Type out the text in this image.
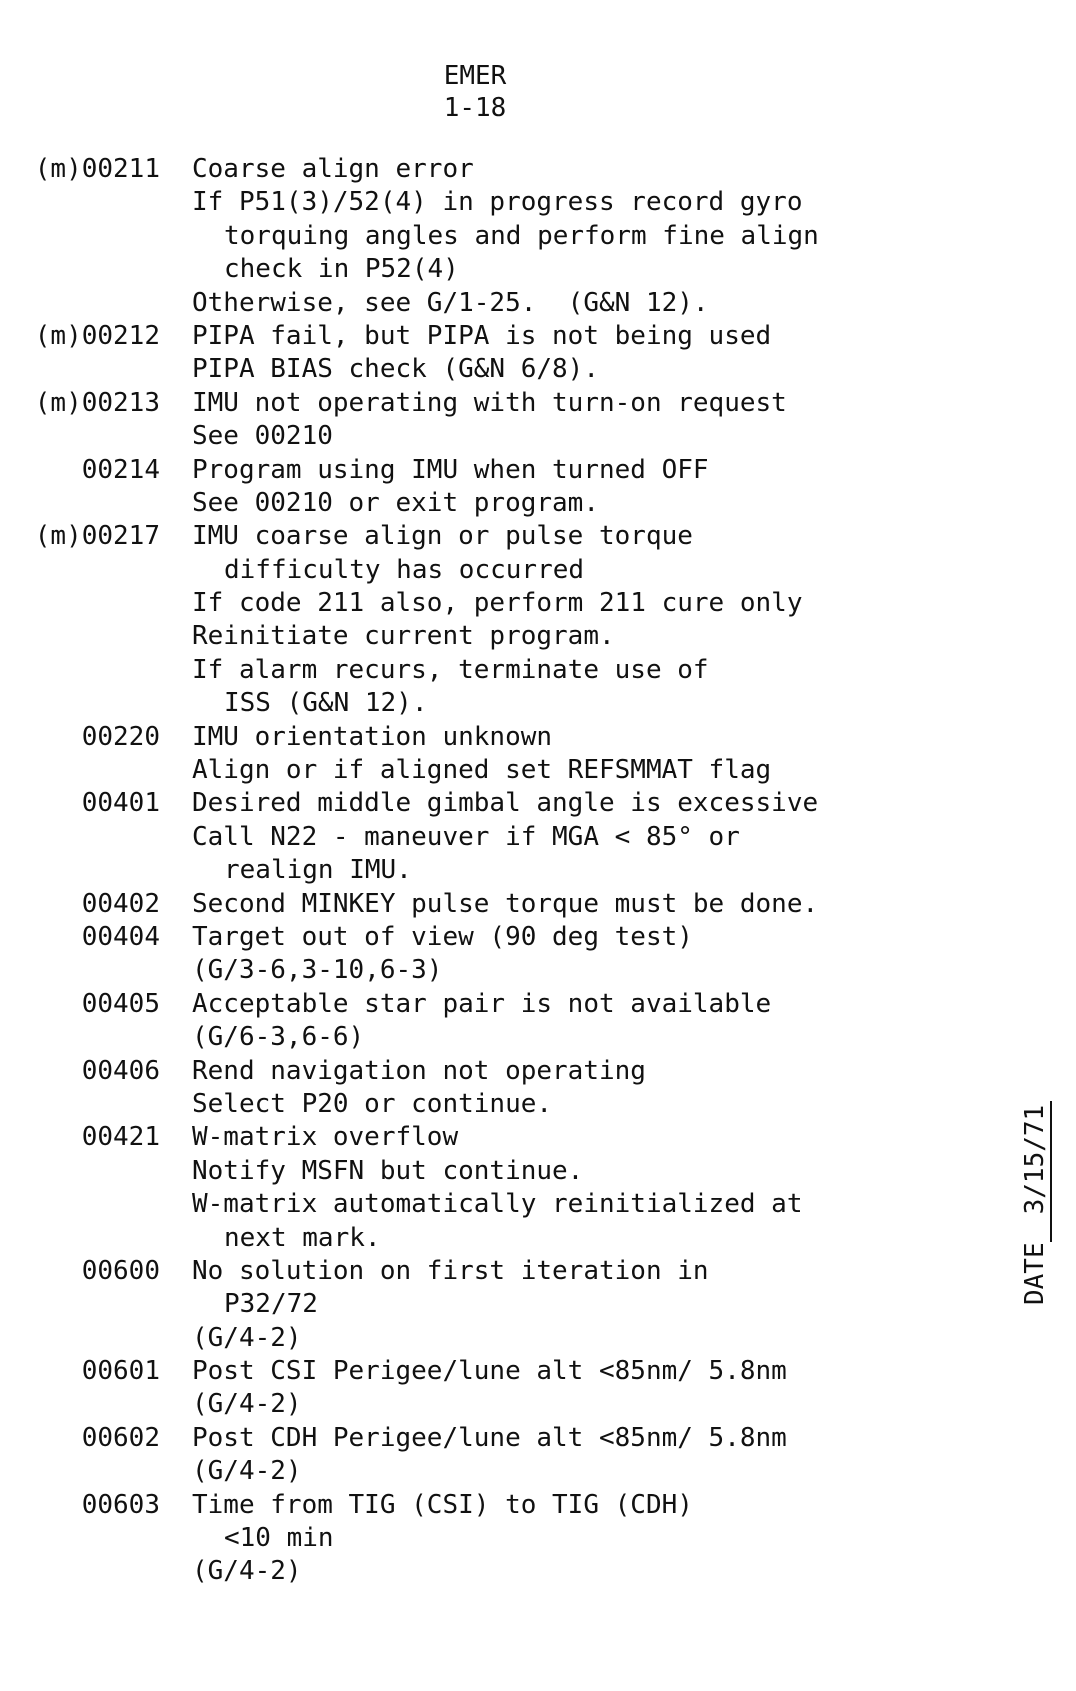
EMER
1-18
(m)00211 Coarse align error
If P51(3)/52(4) in progress record gyro
torquing angles and perform fine align
check in P52(4)
Otherwise, see G/1-25.  (G&N 12).
(m)00212 PIPA fail, but PIPA is not being used
PIPA BIAS check (G&N 6/8).
(m)00213 IMU not operating with turn-on request
See 00210
00214 Program using IMU when turned OFF
See 00210 or exit program.
(m)00217 IMU coarse align or pulse torque
difficulty has occurred
If code 211 also, perform 211 cure only
Reinitiate current program.
If alarm recurs, terminate use of
ISS (G&N 12).
00220 IMU orientation unknown
Align or if aligned set REFSMMAT flag
00401 Desired middle gimbal angle is excessive
Call N22 - maneuver if MGA < 85° or
realign IMU.
00402 Second MINKEY pulse torque must be done.
00404 Target out of view (90 deg test)
(G/3-6,3-10,6-3)
00405 Acceptable star pair is not available
(G/6-3,6-6)
00406 Rend navigation not operating
Select P20 or continue.
00421 W-matrix overflow
Notify MSFN but continue.
W-matrix automatically reinitialized at
next mark.
00600 No solution on first iteration in
P32/72
(G/4-2)
00601 Post CSI Perigee/lune alt <85nm/ 5.8nm
(G/4-2)
00602 Post CDH Perigee/lune alt <85nm/ 5.8nm
(G/4-2)
00603 Time from TIG (CSI) to TIG (CDH)
<10 min
(G/4-2)
DATE3/15/71
